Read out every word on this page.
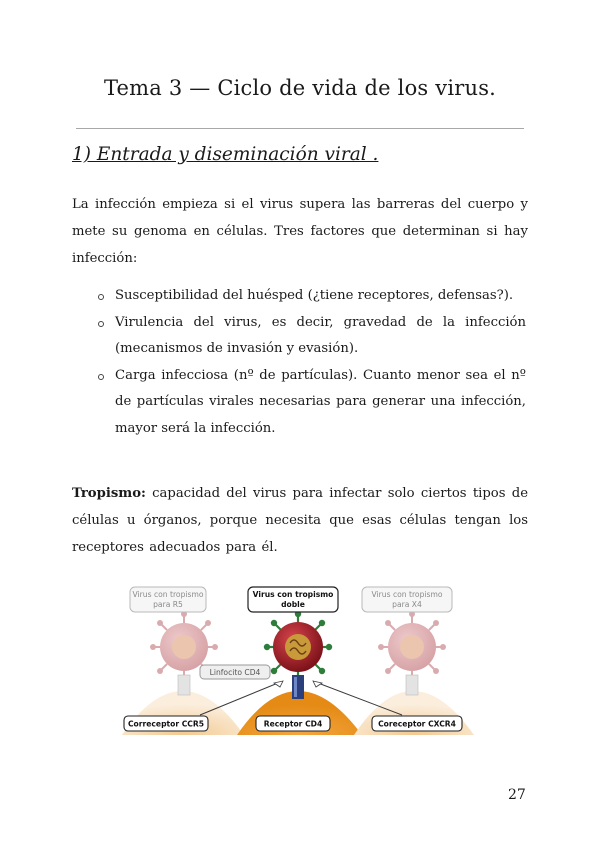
Tema 3 — Ciclo de vida de los virus.
1) Entrada y diseminación viral .

La infección empieza si el virus supera las barreras del cuerpo y mete su genoma en células. Tres factores que determinan si hay infección:

Susceptibilidad del huésped (¿tiene receptores, defensas?).
Virulencia del virus, es decir, gravedad de la infección (mecanismos de invasión y evasión).
Carga infecciosa (nº de partículas). Cuanto menor sea el nº de partículas virales necesarias para generar una infección, mayor será la infección.

Tropismo: capacidad del virus para infectar solo ciertos tipos de células u órganos, porque necesita que esas células tengan los receptores adecuados para él.

Virus con tropismo
para R5
Virus con tropismo
doble
Virus con tropismo
para X4
Linfocito CD4
Correceptor CCR5	Receptor CD4	Coreceptor CXCR4
27
